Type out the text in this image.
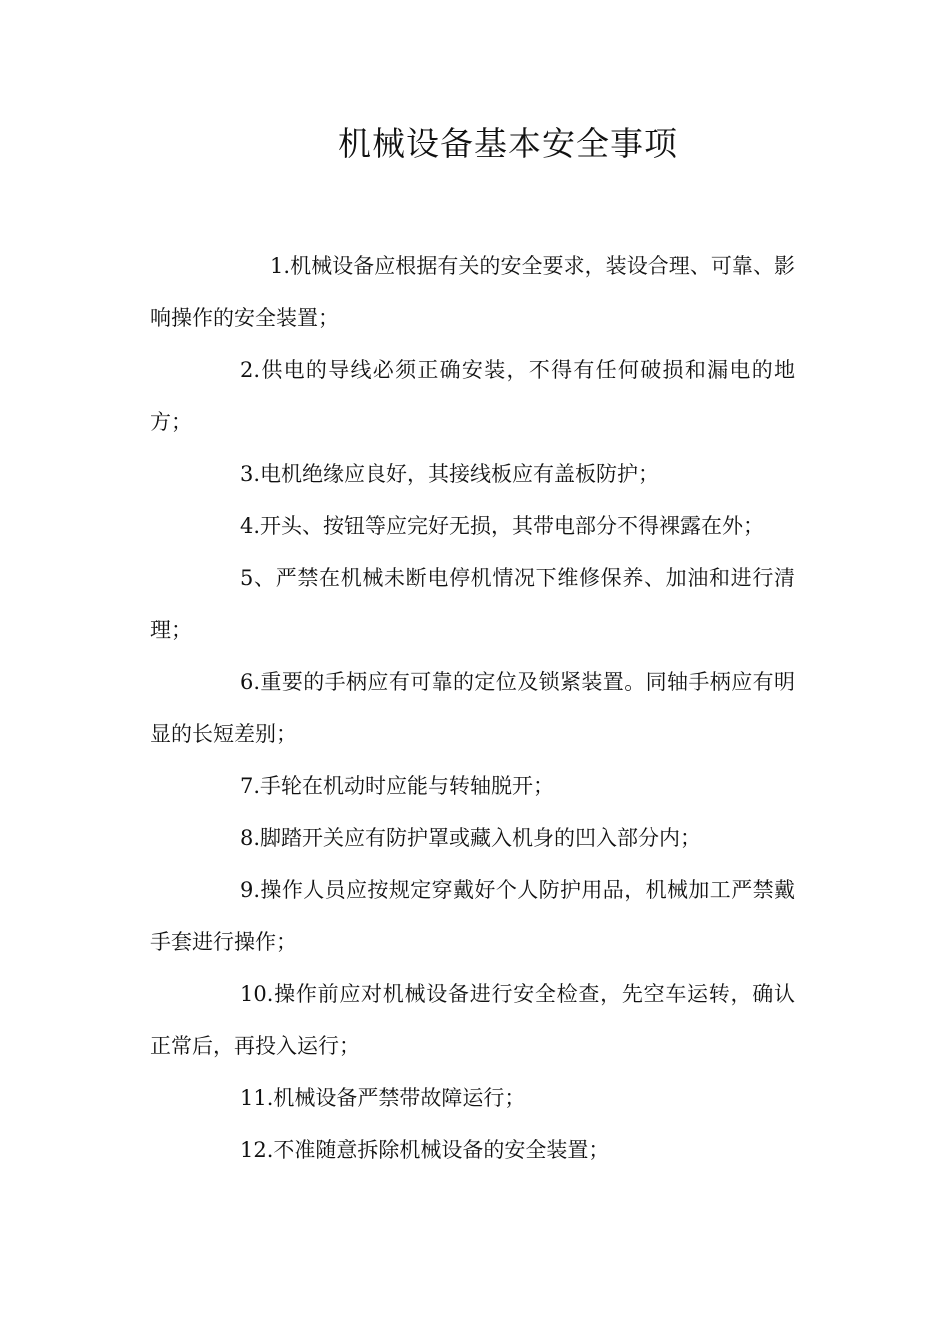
机械设备基本安全事项

1.机械设备应根据有关的安全要求，装设合理、可靠、影响操作的安全装置；

2.供电的导线必须正确安装，不得有任何破损和漏电的地方；

3.电机绝缘应良好，其接线板应有盖板防护；

4.开头、按钮等应完好无损，其带电部分不得裸露在外；

5、严禁在机械未断电停机情况下维修保养、加油和进行清理；

6.重要的手柄应有可靠的定位及锁紧装置。同轴手柄应有明显的长短差别；

7.手轮在机动时应能与转轴脱开；

8.脚踏开关应有防护罩或藏入机身的凹入部分内；

9.操作人员应按规定穿戴好个人防护用品，机械加工严禁戴手套进行操作；

10.操作前应对机械设备进行安全检查，先空车运转，确认正常后，再投入运行；

11.机械设备严禁带故障运行；

12.不准随意拆除机械设备的安全装置；
